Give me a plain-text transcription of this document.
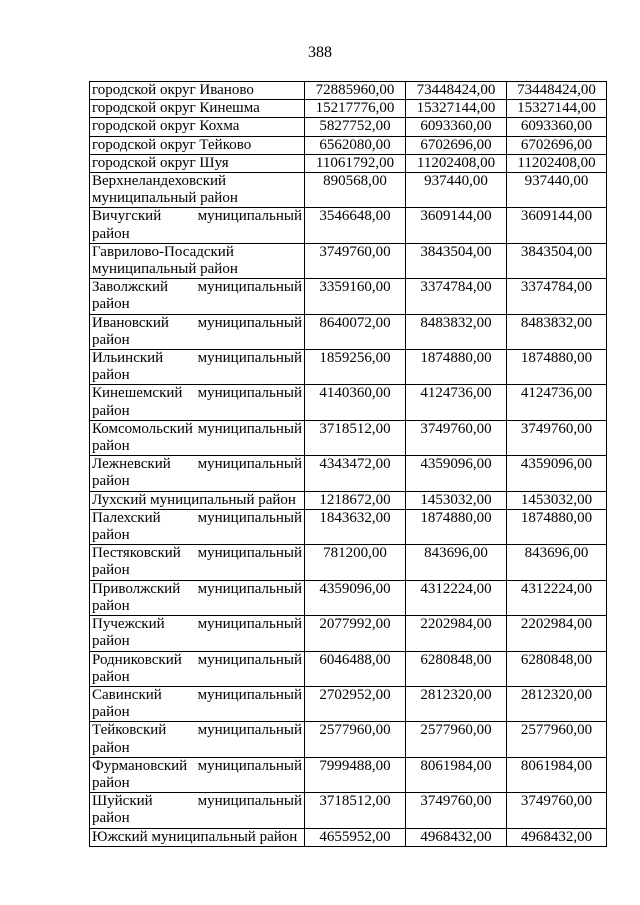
388
городской округ Иваново	72885960,00	73448424,00	73448424,00
городской округ Кинешма	15217776,00	15327144,00	15327144,00
городской округ Кохма	5827752,00	6093360,00	6093360,00
городской округ Тейково	6562080,00	6702696,00	6702696,00
городской округ Шуя	11061792,00	11202408,00	11202408,00
Верхнеландеховский муниципальный район	890568,00	937440,00	937440,00
Вичугский муниципальный район	3546648,00	3609144,00	3609144,00
Гаврилово-Посадский муниципальный район	3749760,00	3843504,00	3843504,00
Заволжский муниципальный район	3359160,00	3374784,00	3374784,00
Ивановский муниципальный район	8640072,00	8483832,00	8483832,00
Ильинский муниципальный район	1859256,00	1874880,00	1874880,00
Кинешемский муниципальный район	4140360,00	4124736,00	4124736,00
Комсомольский муниципальный район	3718512,00	3749760,00	3749760,00
Лежневский муниципальный район	4343472,00	4359096,00	4359096,00
Лухский муниципальный район	1218672,00	1453032,00	1453032,00
Палехский муниципальный район	1843632,00	1874880,00	1874880,00
Пестяковский муниципальный район	781200,00	843696,00	843696,00
Приволжский муниципальный район	4359096,00	4312224,00	4312224,00
Пучежский муниципальный район	2077992,00	2202984,00	2202984,00
Родниковский муниципальный район	6046488,00	6280848,00	6280848,00
Савинский муниципальный район	2702952,00	2812320,00	2812320,00
Тейковский муниципальный район	2577960,00	2577960,00	2577960,00
Фурмановский муниципальный район	7999488,00	8061984,00	8061984,00
Шуйский муниципальный район	3718512,00	3749760,00	3749760,00
Южский муниципальный район	4655952,00	4968432,00	4968432,00
